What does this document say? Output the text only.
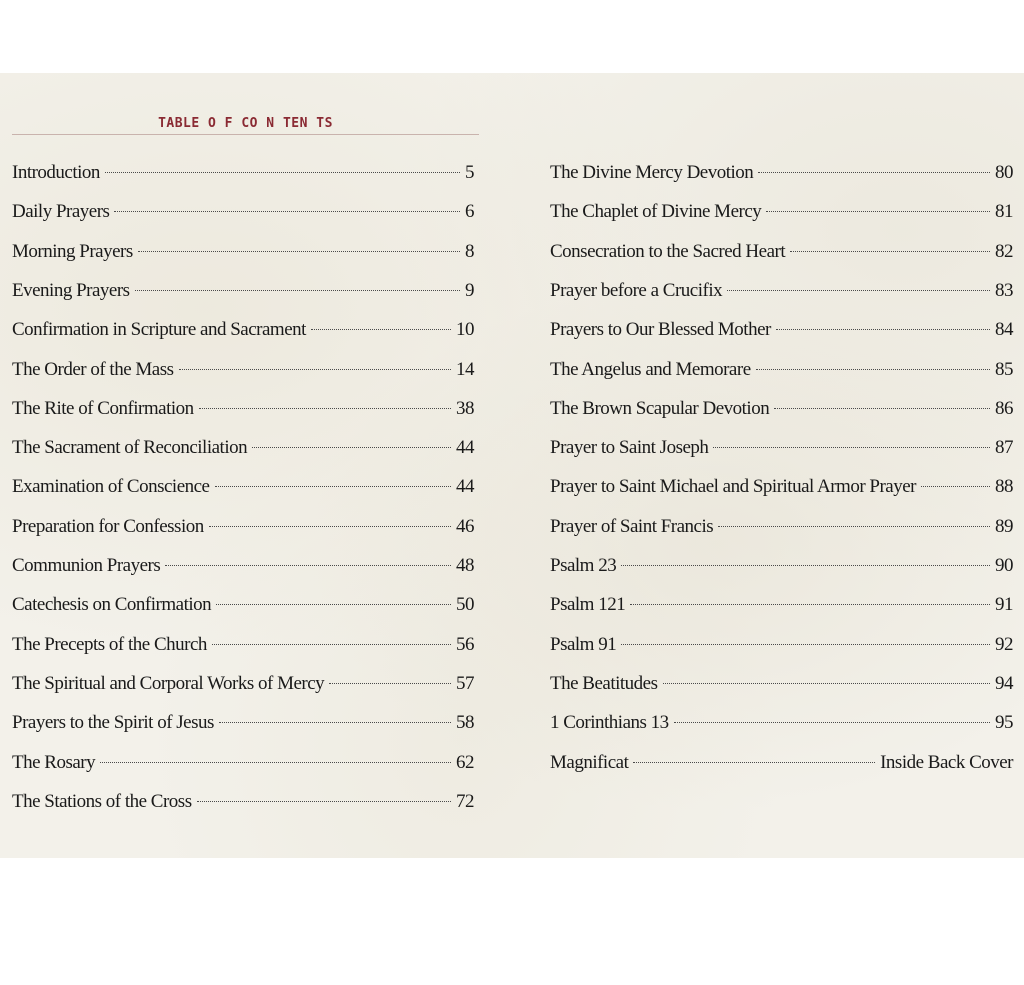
TABLE O F CO N TEN TS
Introduction	5
Daily Prayers	6
Morning Prayers	8
Evening Prayers	9
Confirmation in Scripture and Sacrament	10
The Order of the Mass	14
The Rite of Confirmation	38
The Sacrament of Reconciliation	44
Examination of Conscience	44
Preparation for Confession	46
Communion Prayers	48
Catechesis on Confirmation	50
The Precepts of the Church	56
The Spiritual and Corporal Works of Mercy	57
Prayers to the Spirit of Jesus	58
The Rosary	62
The Stations of the Cross	72
The Divine Mercy Devotion	80
The Chaplet of Divine Mercy	81
Consecration to the Sacred Heart	82
Prayer before a Crucifix	83
Prayers to Our Blessed Mother	84
The Angelus and Memorare	85
The Brown Scapular Devotion	86
Prayer to Saint Joseph	87
Prayer to Saint Michael and Spiritual Armor Prayer	88
Prayer of Saint Francis	89
Psalm 23	90
Psalm 121	91
Psalm 91	92
The Beatitudes	94
1 Corinthians 13	95
Magnificat	Inside Back Cover
